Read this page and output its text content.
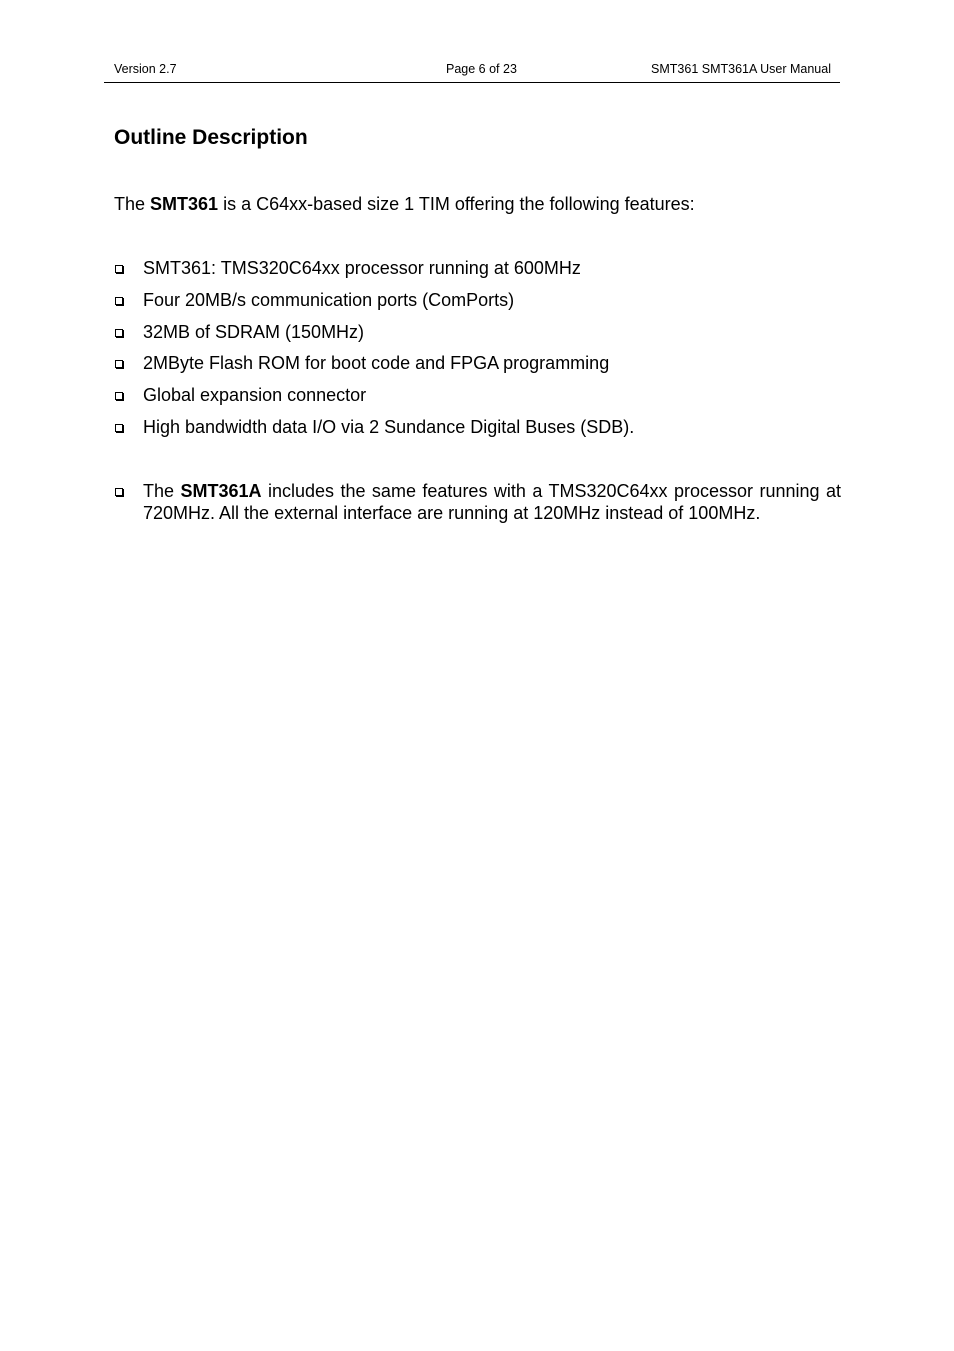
Version 2.7	Page 6 of 23	SMT361 SMT361A User Manual
Outline Description

The SMT361 is a C64xx-based size 1 TIM offering the following features:

SMT361: TMS320C64xx processor running at 600MHz
Four 20MB/s communication ports (ComPorts)
32MB of SDRAM (150MHz)
2MByte Flash ROM for boot code and FPGA programming
Global expansion connector
High bandwidth data I/O via 2 Sundance Digital Buses (SDB).
The SMT361A includes the same features with a TMS320C64xx processor running at 720MHz. All the external interface are running at 120MHz instead of 100MHz.
